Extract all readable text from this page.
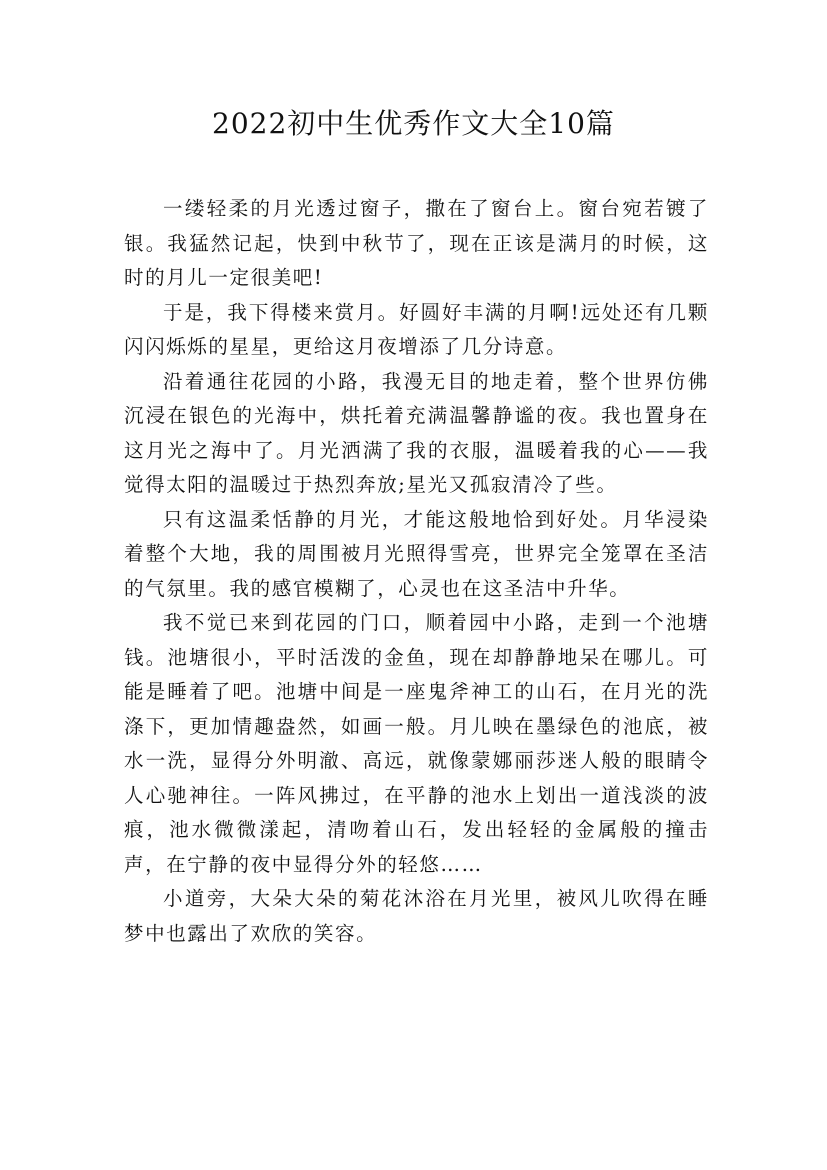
2022初中生优秀作文大全10篇

一缕轻柔的月光透过窗子，撒在了窗台上。窗台宛若镀了银。我猛然记起，快到中秋节了，现在正该是满月的时候，这时的月儿一定很美吧!

于是，我下得楼来赏月。好圆好丰满的月啊!远处还有几颗闪闪烁烁的星星，更给这月夜增添了几分诗意。

沿着通往花园的小路，我漫无目的地走着，整个世界仿佛沉浸在银色的光海中，烘托着充满温馨静谧的夜。我也置身在这月光之海中了。月光洒满了我的衣服，温暖着我的心——我觉得太阳的温暖过于热烈奔放;星光又孤寂清冷了些。

只有这温柔恬静的月光，才能这般地恰到好处。月华浸染着整个大地，我的周围被月光照得雪亮，世界完全笼罩在圣洁的气氛里。我的感官模糊了，心灵也在这圣洁中升华。

我不觉已来到花园的门口，顺着园中小路，走到一个池塘钱。池塘很小，平时活泼的金鱼，现在却静静地呆在哪儿。可能是睡着了吧。池塘中间是一座鬼斧神工的山石，在月光的洗涤下，更加情趣盎然，如画一般。月儿映在墨绿色的池底，被水一洗，显得分外明澈、高远，就像蒙娜丽莎迷人般的眼睛令人心驰神往。一阵风拂过，在平静的池水上划出一道浅淡的波痕，池水微微漾起，清吻着山石，发出轻轻的金属般的撞击声，在宁静的夜中显得分外的轻悠……

小道旁，大朵大朵的菊花沐浴在月光里，被风儿吹得在睡梦中也露出了欢欣的笑容。
